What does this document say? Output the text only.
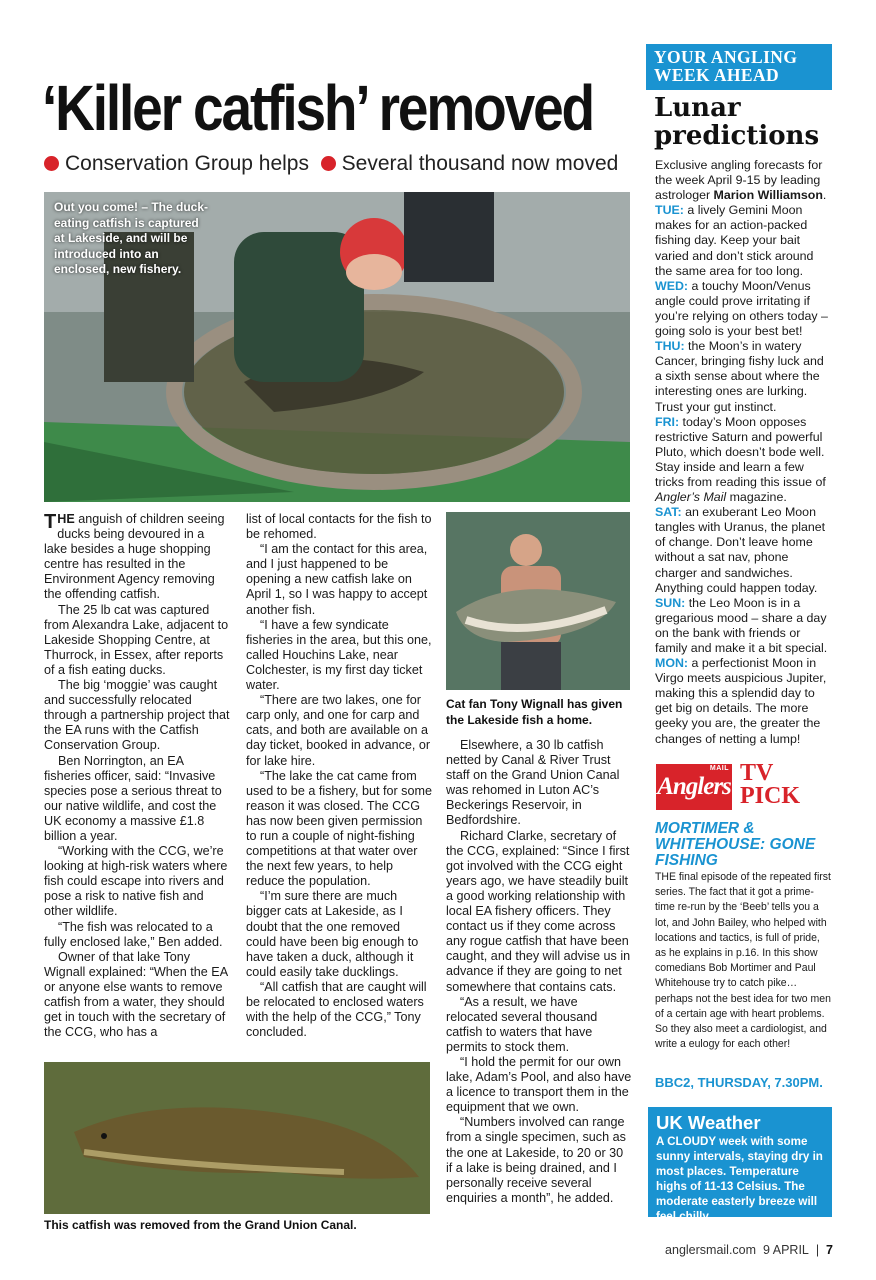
‘Killer catfish’ removed
Conservation Group helps Several thousand now moved
Out you come! – The duck-eating catfish is captured at Lakeside, and will be introduced into an enclosed, new fishery.

THE anguish of children seeing ducks being devoured in a lake besides a huge shopping centre has resulted in the Environment Agency removing the offending catfish.

The 25 lb cat was captured from Alexandra Lake, adjacent to Lakeside Shopping Centre, at Thurrock, in Essex, after reports of a fish eating ducks.

The big ‘moggie’ was caught and successfully relocated through a partnership project that the EA runs with the Catfish Conservation Group.

Ben Norrington, an EA fisheries officer, said: “Invasive species pose a serious threat to our native wildlife, and cost the UK economy a massive £1.8 billion a year.

“Working with the CCG, we’re looking at high-risk waters where fish could escape into rivers and pose a risk to native fish and other wildlife.

“The fish was relocated to a fully enclosed lake,” Ben added.

Owner of that lake Tony Wignall explained: “When the EA or anyone else wants to remove catfish from a water, they should get in touch with the secretary of the CCG, who has a

list of local contacts for the fish to be rehomed.

“I am the contact for this area, and I just happened to be opening a new catfish lake on April 1, so I was happy to accept another fish.

“I have a few syndicate fisheries in the area, but this one, called Houchins Lake, near Colchester, is my first day ticket water.

“There are two lakes, one for carp only, and one for carp and cats, and both are available on a day ticket, booked in advance, or for lake hire.

“The lake the cat came from used to be a fishery, but for some reason it was closed. The CCG has now been given permission to run a couple of night-fishing competitions at that water over the next few years, to help reduce the population.

“I’m sure there are much bigger cats at Lakeside, as I doubt that the one removed could have been big enough to have taken a duck, although it could easily take ducklings.

“All catfish that are caught will be relocated to enclosed waters with the help of the CCG,” Tony concluded.

Cat fan Tony Wignall has given the Lakeside fish a home.

Elsewhere, a 30 lb catfish netted by Canal & River Trust staff on the Grand Union Canal was rehomed in Luton AC’s Beckerings Reservoir, in Bedfordshire.

Richard Clarke, secretary of the CCG, explained: “Since I first got involved with the CCG eight years ago, we have steadily built a good working relationship with local EA fishery officers. They contact us if they come across any rogue catfish that have been caught, and they will advise us in advance if they are going to net somewhere that contains cats.

“As a result, we have relocated several thousand catfish to waters that have permits to stock them.

“I hold the permit for our own lake, Adam’s Pool, and also have a licence to transport them in the equipment that we own.

“Numbers involved can range from a single specimen, such as the one at Lakeside, to 20 or 30 if a lake is being drained, and I personally receive several enquiries a month”, he added.

This catfish was removed from the Grand Union Canal.
YOUR ANGLING WEEK AHEAD
Lunar predictions

Exclusive angling forecasts for the week April 9-15 by leading astrologer Marion Williamson.

TUE: a lively Gemini Moon makes for an action-packed fishing day. Keep your bait varied and don’t stick around the same area for too long.

WED: a touchy Moon/Venus angle could prove irritating if you’re relying on others today – going solo is your best bet!

THU: the Moon’s in watery Cancer, bringing fishy luck and a sixth sense about where the interesting ones are lurking. Trust your gut instinct.

FRI: today’s Moon opposes restrictive Saturn and powerful Pluto, which doesn’t bode well. Stay inside and learn a few tricks from reading this issue of Angler’s Mail magazine.

SAT: an exuberant Leo Moon tangles with Uranus, the planet of change. Don’t leave home without a sat nav, phone charger and sandwiches. Anything could happen today.

SUN: the Leo Moon is in a gregarious mood – share a day on the bank with friends or family and make it a bit special.

MON: a perfectionist Moon in Virgo meets auspicious Jupiter, making this a splendid day to get big on details. The more geeky you are, the greater the changes of netting a lump!

MAIL
Anglers TV
PICK
MORTIMER & WHITEHOUSE: GONE FISHING
THE final episode of the repeated first series. The fact that it got a prime-time re-run by the ‘Beeb’ tells you a lot, and John Bailey, who helped with locations and tactics, is full of pride, as he explains in p.16. In this show comedians Bob Mortimer and Paul Whitehouse try to catch pike… perhaps not the best idea for two men of a certain age with heart problems. So they also meet a cardiologist, and write a eulogy for each other!
BBC2, THURSDAY, 7.30PM.
UK Weather
A CLOUDY week with some sunny intervals, staying dry in most places. Temperature highs of 11-13 Celsius. The moderate easterly breeze will feel chilly.
anglersmail.com 9 APRIL | 7
